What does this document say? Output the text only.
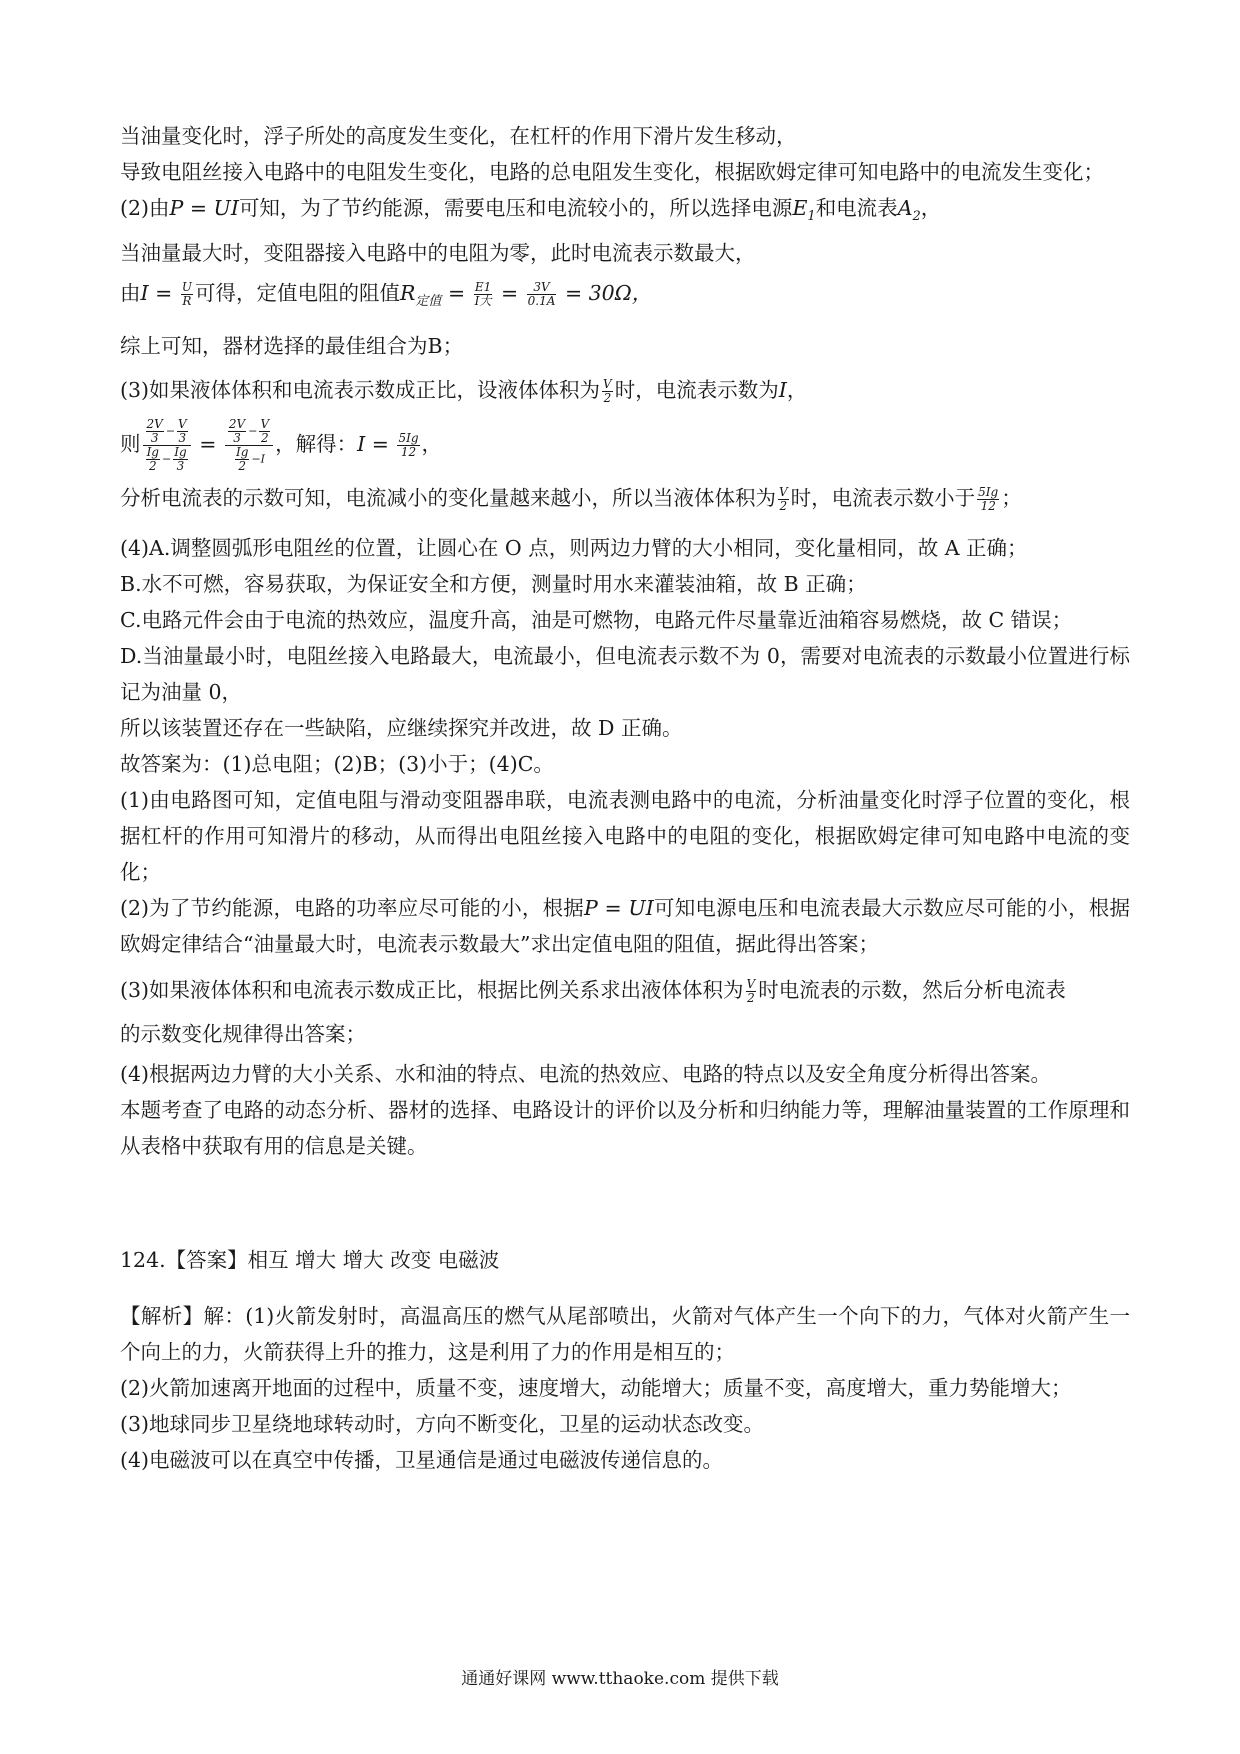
当油量变化时，浮子所处的高度发生变化，在杠杆的作用下滑片发生移动，
导致电阻丝接入电路中的电阻发生变化，电路的总电阻发生变化，根据欧姆定律可知电路中的电流发生变化；
(2)由P = UI可知，为了节约能源，需要电压和电流较小的，所以选择电源$E_1$和电流表$A_2$，
当油量最大时，变阻器接入电路中的电阻为零，此时电流表示数最大，
由$I = \frac{U}{R}$ 可得，定值电阻的阻值$R_{定值} = \frac{E1}{\text{I大}} = \frac{3V}{0.1A} = 30\Omega$，
综上可知，器材选择的最佳组合为B；
(3)如果液体体积和电流表示数成正比，设液体体积为 $\frac{V}{2}$ 时，电流表示数为I，
则 $\frac{\frac{2V}{3} - \frac{V}{3}}{\frac{Ig}{2} - \frac{Ig}{3}} = \frac{\frac{2V}{3} - \frac{V}{2}}{\frac{Ig}{2} -I}$ ，解得：$I = \frac{5Ig}{12}$ ，
分析电流表的示数可知，电流减小的变化量越来越小，所以当液体体积为 $\frac{V}{2}$ 时，电流表示数小于 $\frac{5Ig}{12}$ ；
(4)A.调整圆弧形电阻丝的位置，让圆心在 O 点，则两边力臂的大小相同，变化量相同，故 A 正确；
B.水不可燃，容易获取，为保证安全和方便，测量时用水来灌装油箱，故 B 正确；
C.电路元件会由于电流的热效应，温度升高，油是可燃物，电路元件尽量靠近油箱容易燃烧，故 C 错误；
D.当油量最小时，电阻丝接入电路最大，电流最小，但电流表示数不为 0，需要对电流表的示数最小位置进行标记为油量 0，
所以该装置还存在一些缺陷，应继续探究并改进，故 D 正确。
故答案为：(1)总电阻；(2)B；(3)小于；(4)C。
(1)由电路图可知，定值电阻与滑动变阻器串联，电流表测电路中的电流，分析油量变化时浮子位置的变化，根据杠杆的作用可知滑片的移动，从而得出电阻丝接入电路中的电阻的变化，根据欧姆定律可知电路中电流的变化；
(2)为了节约能源，电路的功率应尽可能的小，根据P = UI可知电源电压和电流表最大示数应尽可能的小，根据欧姆定律结合“油量最大时，电流表示数最大”求出定值电阻的阻值，据此得出答案；
(3)如果液体体积和电流表示数成正比，根据比例关系求出液体体积为 $\frac{V}{2}$ 时电流表的示数，然后分析电流表
的示数变化规律得出答案；
(4)根据两边力臂的大小关系、水和油的特点、电流的热效应、电路的特点以及安全角度分析得出答案。
本题考查了电路的动态分析、器材的选择、电路设计的评价以及分析和归纳能力等，理解油量装置的工作原理和从表格中获取有用的信息是关键。
124.【答案】相互 增大 增大 改变 电磁波
【解析】解：(1)火箭发射时，高温高压的燃气从尾部喷出，火箭对气体产生一个向下的力，气体对火箭产生一个向上的力，火箭获得上升的推力，这是利用了力的作用是相互的；
(2)火箭加速离开地面的过程中，质量不变，速度增大，动能增大；质量不变，高度增大，重力势能增大；
(3)地球同步卫星绕地球转动时，方向不断变化，卫星的运动状态改变。
(4)电磁波可以在真空中传播，卫星通信是通过电磁波传递信息的。
通通好课网 www.tthaoke.com 提供下载
